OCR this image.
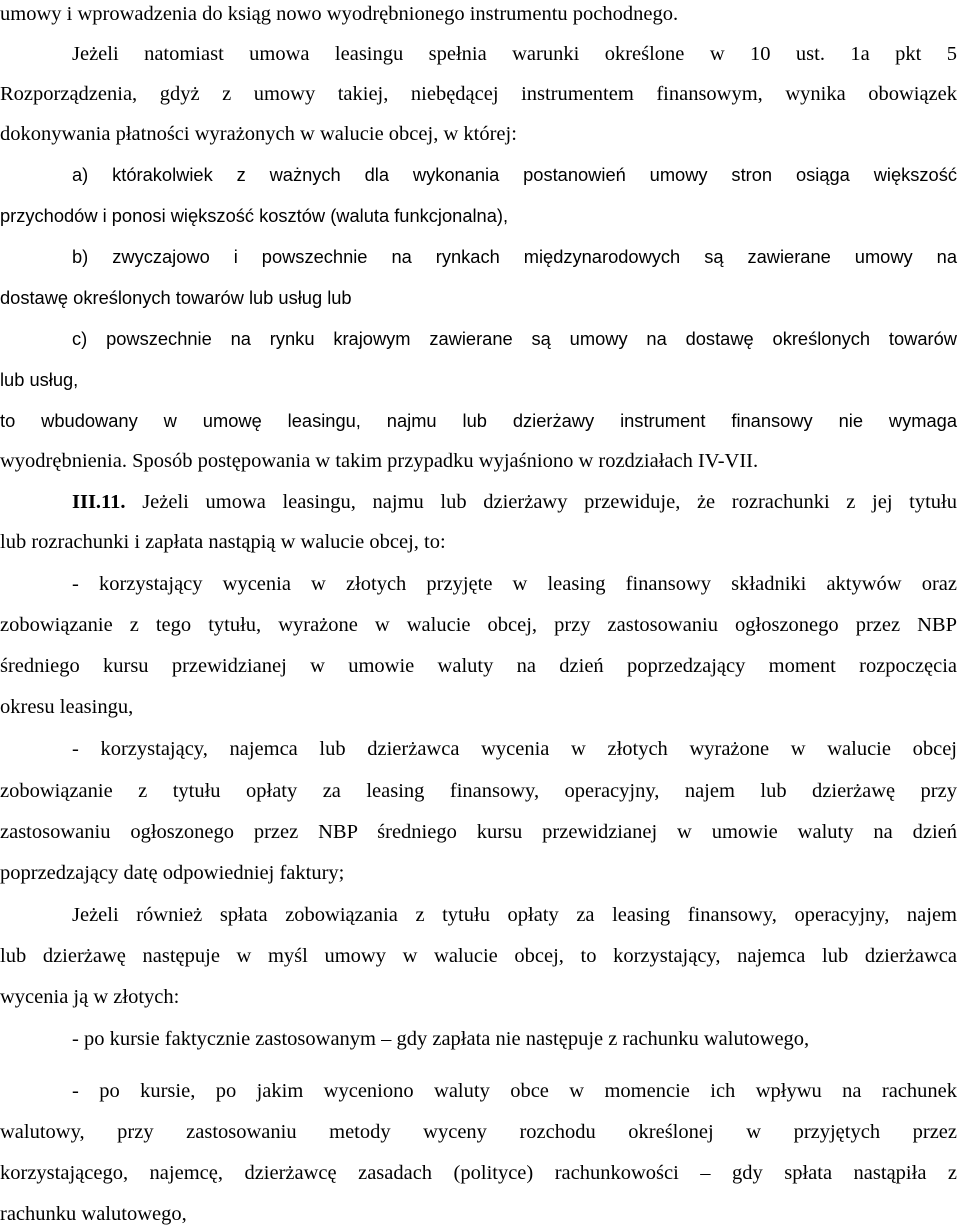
umowy i wprowadzenia do ksiąg nowo wyodrębnionego instrumentu pochodnego.
Jeżeli natomiast umowa leasingu spełnia warunki określone w 10 ust. 1a pkt 5
Rozporządzenia, gdyż z umowy takiej, niebędącej instrumentem finansowym, wynika obowiązek
dokonywania płatności wyrażonych w walucie obcej, w której:
a) którakolwiek z ważnych dla wykonania postanowień umowy stron osiąga większość
przychodów i ponosi większość kosztów (waluta funkcjonalna),
b) zwyczajowo i powszechnie na rynkach międzynarodowych są zawierane umowy na
dostawę określonych towarów lub usług lub
c) powszechnie na rynku krajowym zawierane są umowy na dostawę określonych towarów
lub usług,
to wbudowany w umowę leasingu, najmu lub dzierżawy instrument finansowy nie wymaga
wyodrębnienia. Sposób postępowania w takim przypadku wyjaśniono w rozdziałach IV-VII.
III.11. Jeżeli umowa leasingu, najmu lub dzierżawy przewiduje, że rozrachunki z jej tytułu
lub rozrachunki i zapłata nastąpią w walucie obcej, to:
- korzystający wycenia w złotych przyjęte w leasing finansowy składniki aktywów oraz
zobowiązanie z tego tytułu, wyrażone w walucie obcej, przy zastosowaniu ogłoszonego przez NBP
średniego kursu przewidzianej w umowie waluty na dzień poprzedzający moment rozpoczęcia
okresu leasingu,
- korzystający, najemca lub dzierżawca wycenia w złotych wyrażone w walucie obcej
zobowiązanie z tytułu opłaty za leasing finansowy, operacyjny, najem lub dzierżawę przy
zastosowaniu ogłoszonego przez NBP średniego kursu przewidzianej w umowie waluty na dzień
poprzedzający datę odpowiedniej faktury;
Jeżeli również spłata zobowiązania z tytułu opłaty za leasing finansowy, operacyjny, najem
lub dzierżawę następuje w myśl umowy w walucie obcej, to korzystający, najemca lub dzierżawca
wycenia ją w złotych:
- po kursie faktycznie zastosowanym – gdy zapłata nie następuje z rachunku walutowego,
- po kursie, po jakim wyceniono waluty obce w momencie ich wpływu na rachunek
walutowy, przy zastosowaniu metody wyceny rozchodu określonej w przyjętych przez
korzystającego, najemcę, dzierżawcę zasadach (polityce) rachunkowości – gdy spłata nastąpiła z
rachunku walutowego,
